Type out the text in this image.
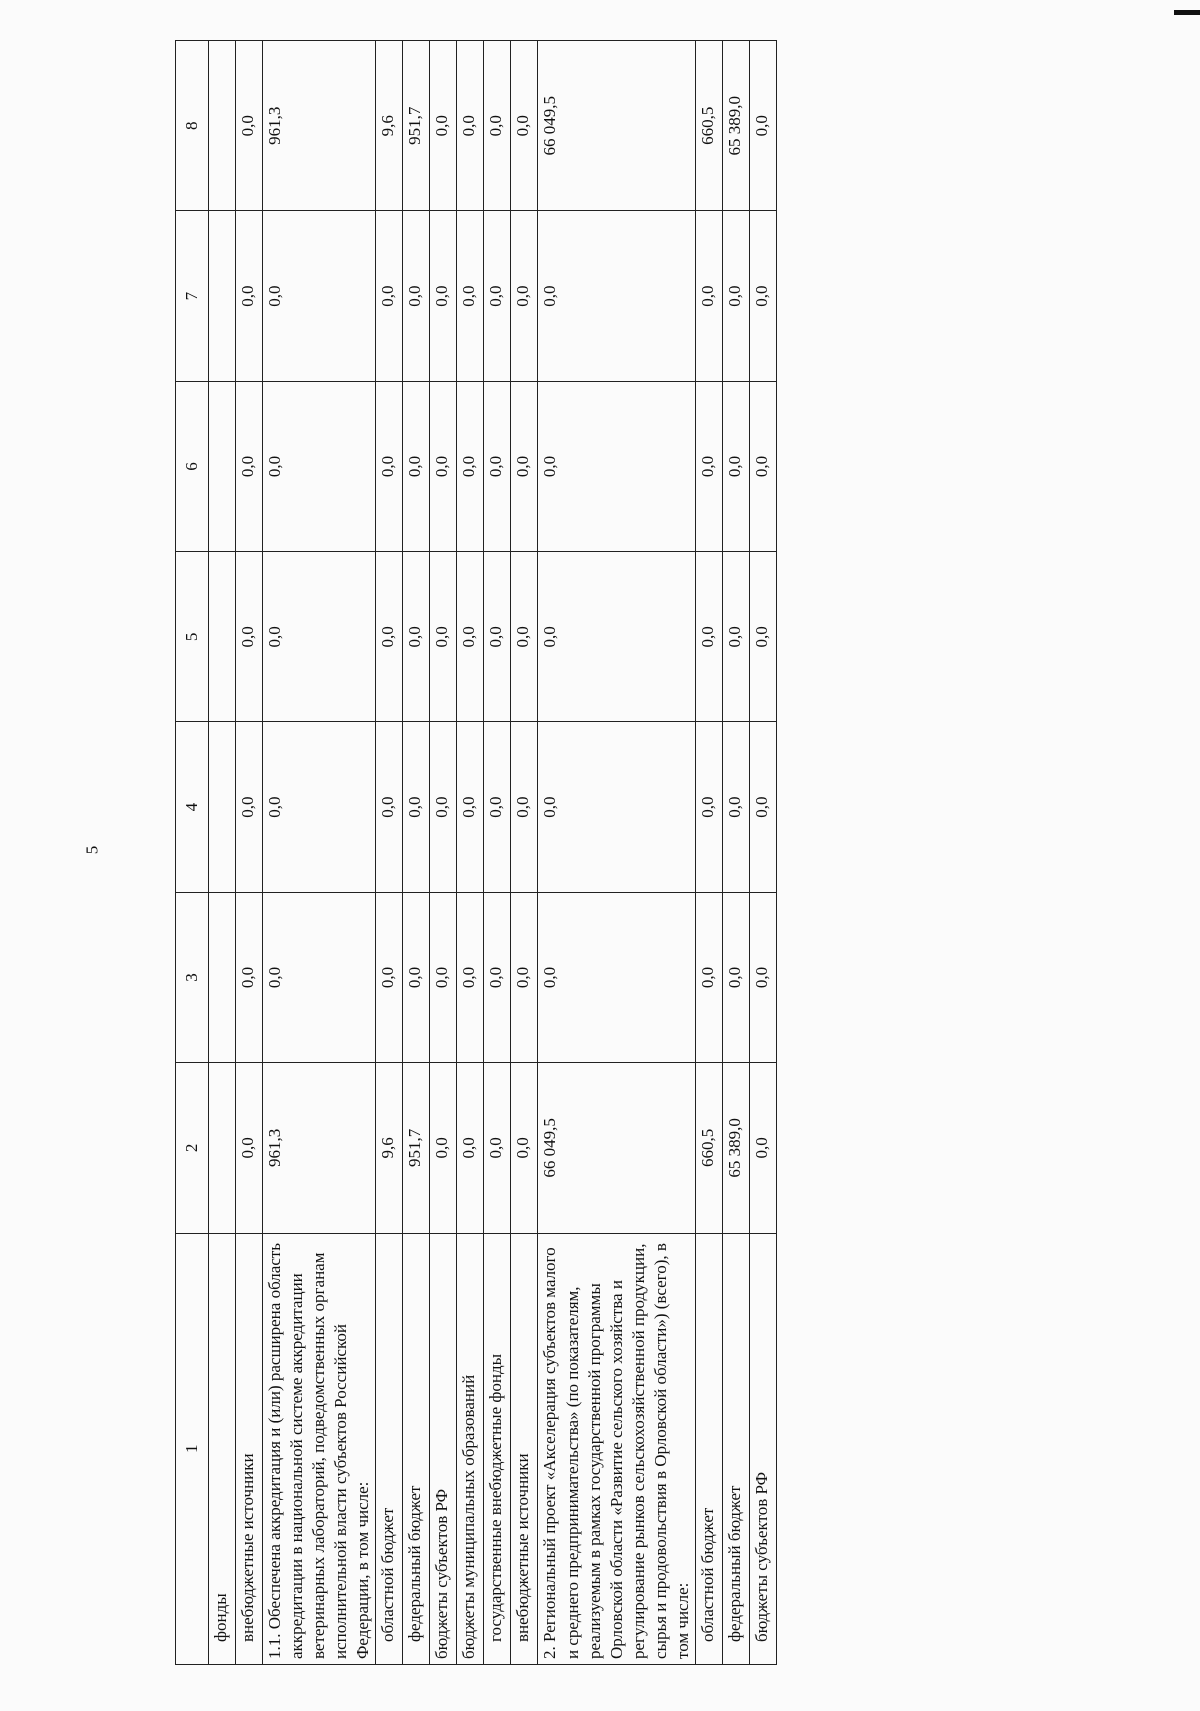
5
1	2	3	4	5	6	7	8
фонды							
внебюджетные источники	0,0	0,0	0,0	0,0	0,0	0,0	0,0
1.1. Обеспечена аккредитация и (или) расширена область аккредитации в национальной системе аккредитации ветеринарных лабораторий, подведомственных органам исполнительной власти субъектов Российской Федерации, в том числе:	961,3	0,0	0,0	0,0	0,0	0,0	961,3
областной бюджет	9,6	0,0	0,0	0,0	0,0	0,0	9,6
федеральный бюджет	951,7	0,0	0,0	0,0	0,0	0,0	951,7
бюджеты субъектов РФ	0,0	0,0	0,0	0,0	0,0	0,0	0,0
бюджеты муниципальных образований	0,0	0,0	0,0	0,0	0,0	0,0	0,0
государственные внебюджетные фонды	0,0	0,0	0,0	0,0	0,0	0,0	0,0
внебюджетные источники	0,0	0,0	0,0	0,0	0,0	0,0	0,0
2. Региональный проект «Акселерация субъектов малого и среднего предпринимательства» (по показателям, реализуемым в рамках государственной программы Орловской области «Развитие сельского хозяйства и регулирование рынков сельскохозяйственной продукции, сырья и продовольствия в Орловской области») (всего), в том числе:	66 049,5	0,0	0,0	0,0	0,0	0,0	66 049,5
областной бюджет	660,5	0,0	0,0	0,0	0,0	0,0	660,5
федеральный бюджет	65 389,0	0,0	0,0	0,0	0,0	0,0	65 389,0
бюджеты субъектов РФ	0,0	0,0	0,0	0,0	0,0	0,0	0,0
